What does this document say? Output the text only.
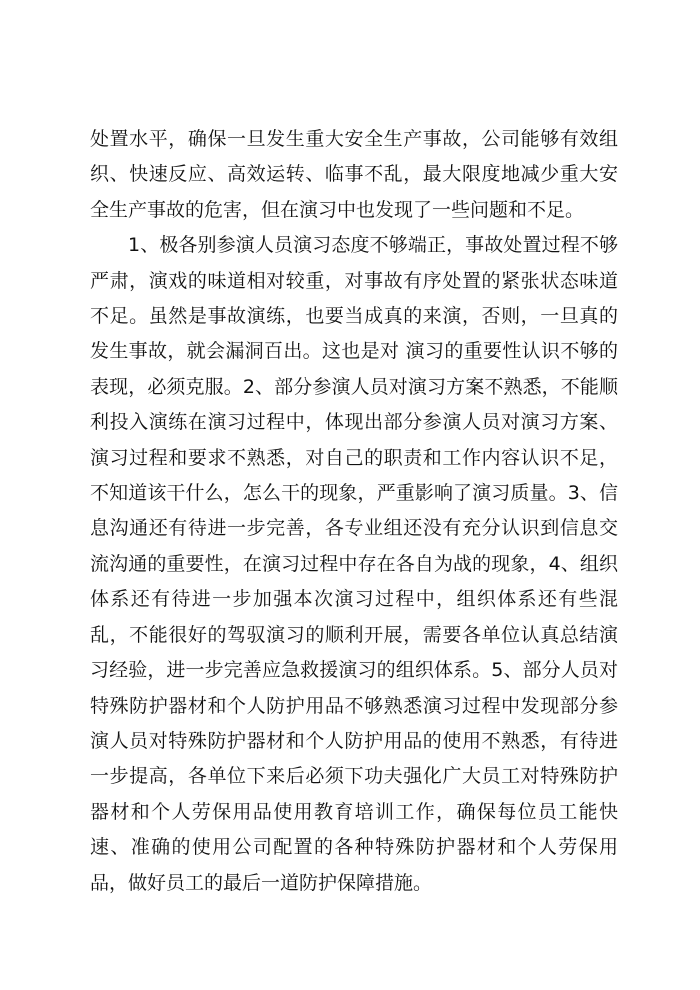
处置水平，确保一旦发生重大安全生产事故，公司能够有效组织、快速反应、高效运转、临事不乱，最大限度地减少重大安全生产事故的危害，但在演习中也发现了一些问题和不足。

1、极各别参演人员演习态度不够端正，事故处置过程不够严肃，演戏的味道相对较重，对事故有序处置的紧张状态味道不足。虽然是事故演练，也要当成真的来演，否则，一旦真的发生事故，就会漏洞百出。这也是对 演习的重要性认识不够的表现，必须克服。2、部分参演人员对演习方案不熟悉，不能顺利投入演练在演习过程中，体现出部分参演人员对演习方案、演习过程和要求不熟悉，对自己的职责和工作内容认识不足，不知道该干什么，怎么干的现象，严重影响了演习质量。3、信息沟通还有待进一步完善，各专业组还没有充分认识到信息交流沟通的重要性，在演习过程中存在各自为战的现象，4、组织体系还有待进一步加强本次演习过程中，组织体系还有些混乱，不能很好的驾驭演习的顺利开展，需要各单位认真总结演习经验，进一步完善应急救援演习的组织体系。5、部分人员对特殊防护器材和个人防护用品不够熟悉演习过程中发现部分参演人员对特殊防护器材和个人防护用品的使用不熟悉，有待进一步提高，各单位下来后必须下功夫强化广大员工对特殊防护器材和个人劳保用品使用教育培训工作，确保每位员工能快速、准确的使用公司配置的各种特殊防护器材和个人劳保用品，做好员工的最后一道防护保障措施。
